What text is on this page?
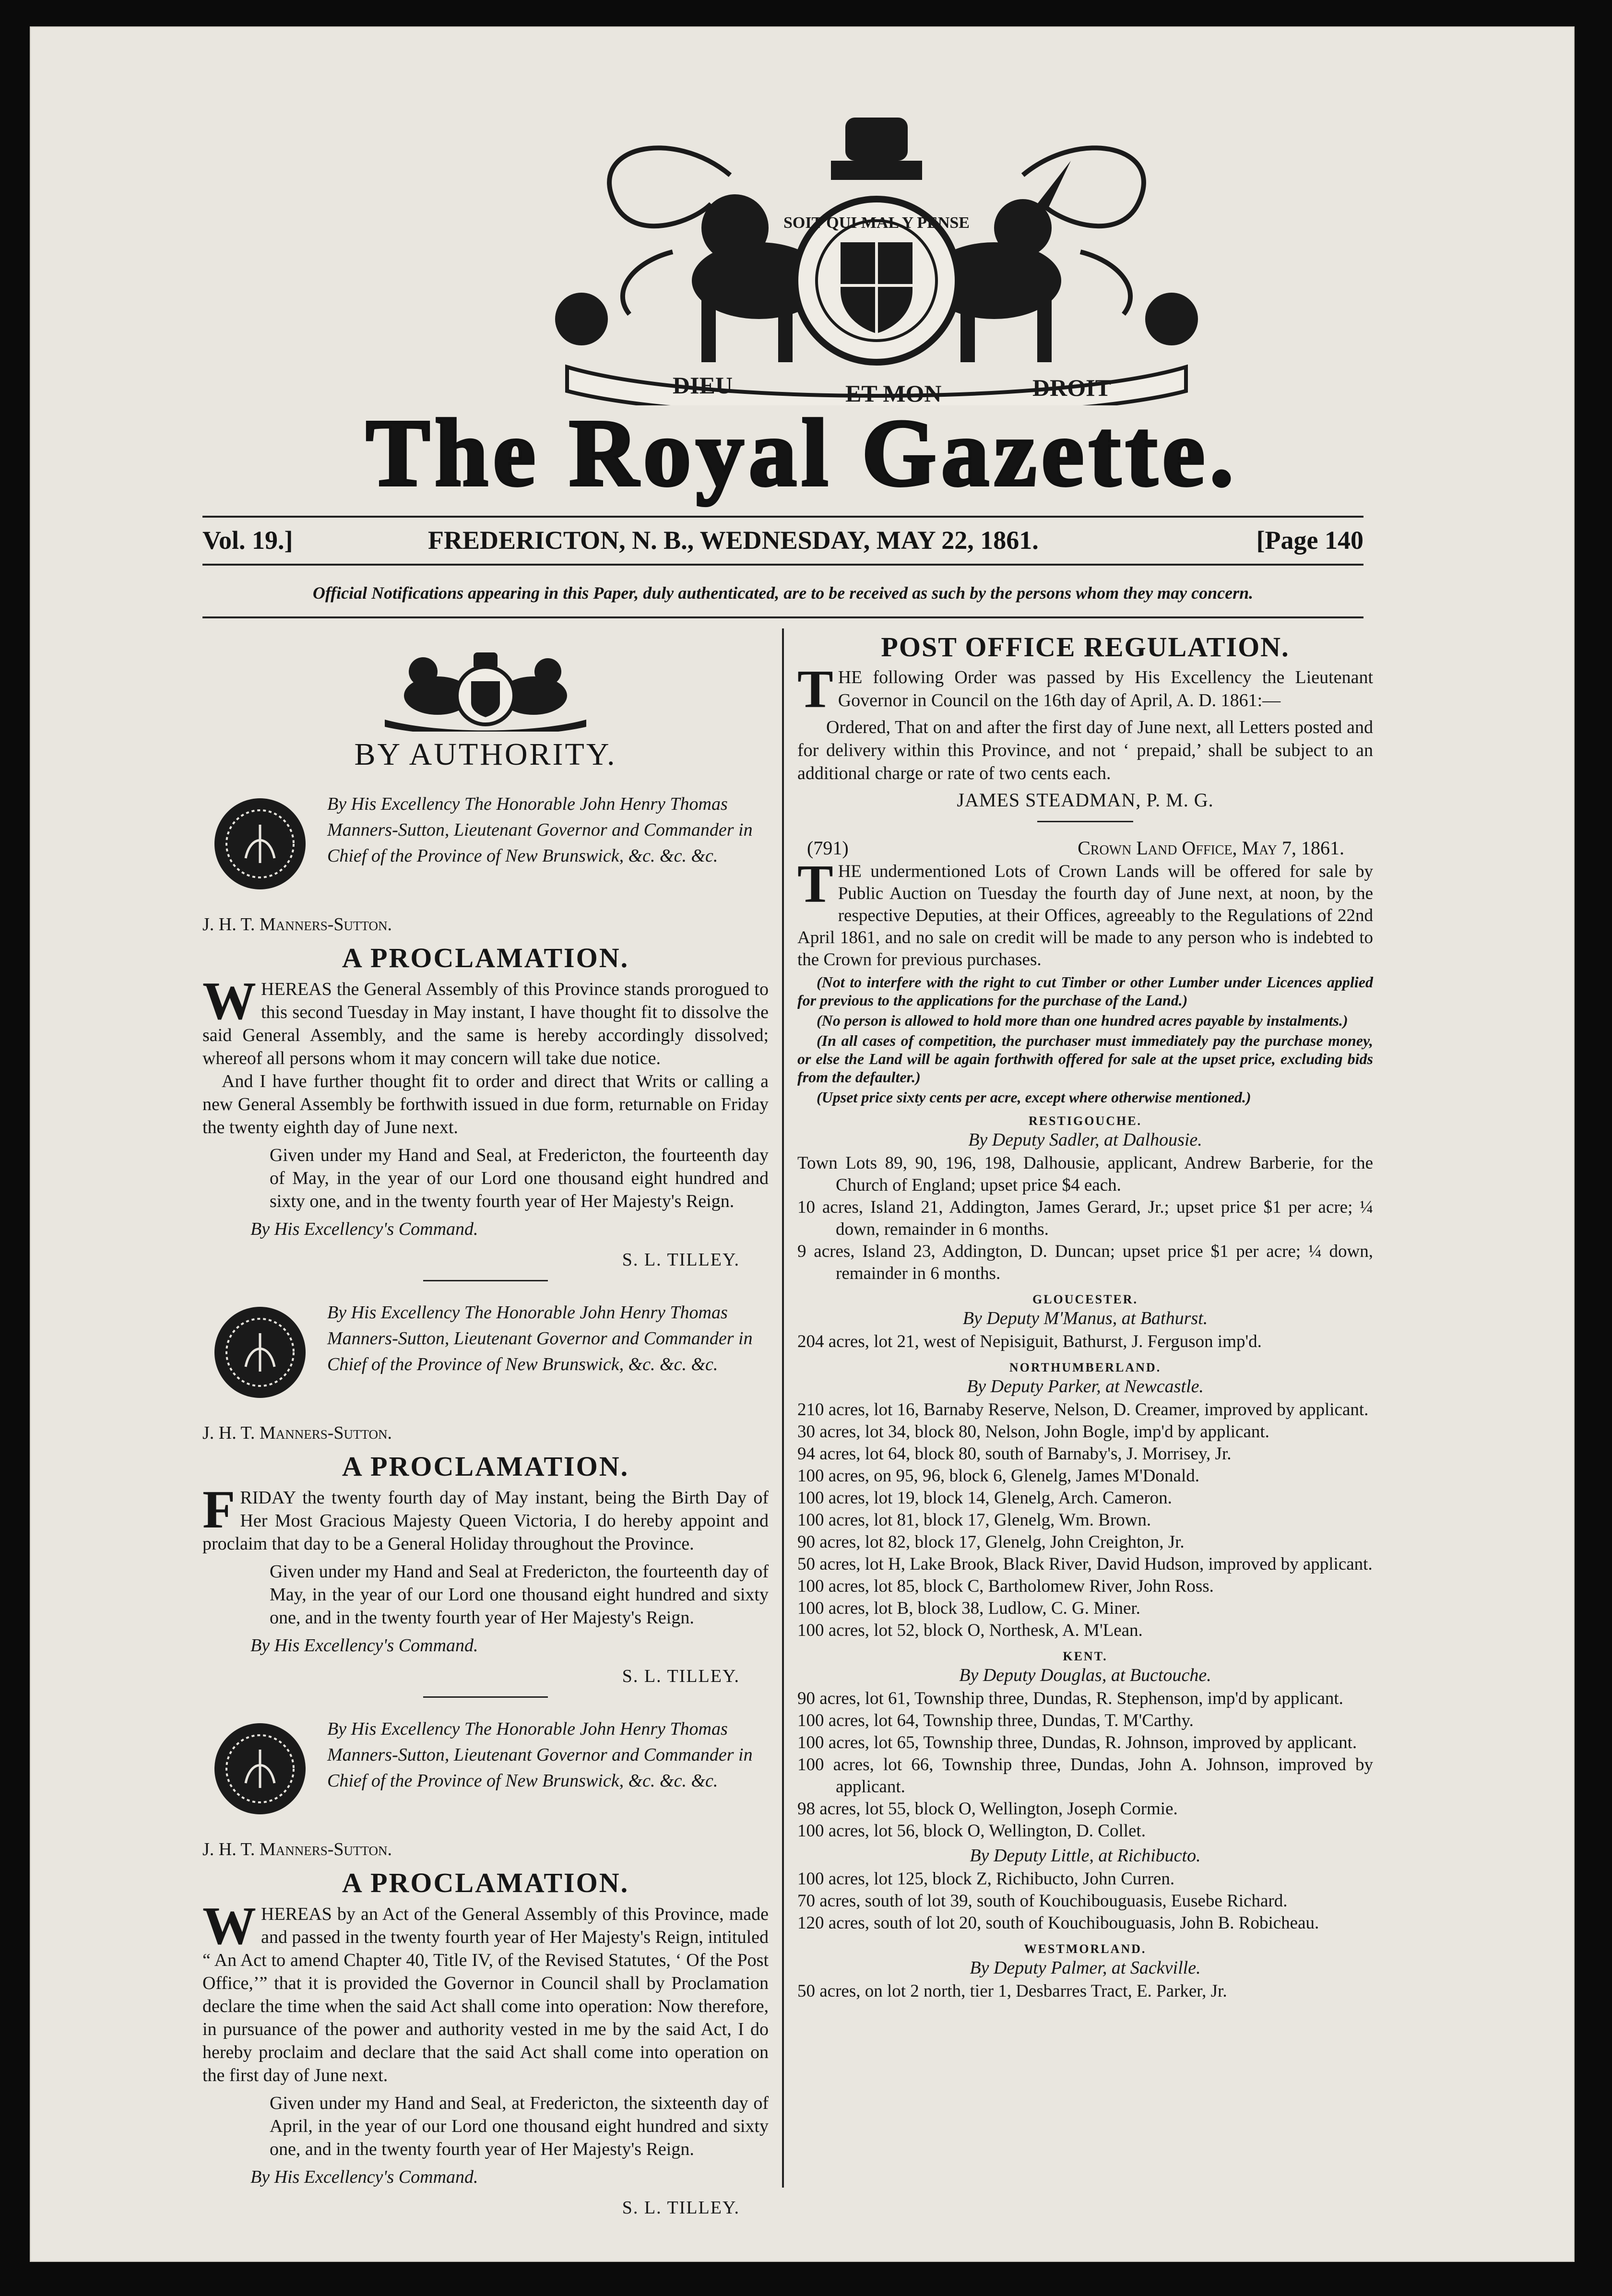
SOIT QUI MAL Y PENSE
DIEU	ET MON	DROIT
The Royal Gazette.
Vol. 19.]	FREDERICTON, N. B., WEDNESDAY, MAY 22, 1861.	[Page 140
Official Notifications appearing in this Paper, duly authenticated, are to be received as such by the persons whom they may concern.
BY AUTHORITY.

By His Excellency The Honorable John Henry Thomas Manners-Sutton, Lieutenant Governor and Commander in Chief of the Province of New Brunswick, &c. &c. &c.

J. H. T. Manners-Sutton.

A PROCLAMATION.

WHEREAS the General Assembly of this Province stands prorogued to this second Tuesday in May instant, I have thought fit to dissolve the said General Assembly, and the same is hereby accordingly dissolved; whereof all persons whom it may concern will take due notice.

And I have further thought fit to order and direct that Writs or calling a new General Assembly be forthwith issued in due form, returnable on Friday the twenty eighth day of June next.

Given under my Hand and Seal, at Fredericton, the fourteenth day of May, in the year of our Lord one thousand eight hundred and sixty one, and in the twenty fourth year of Her Majesty's Reign.

By His Excellency's Command.

S. L. TILLEY.

By His Excellency The Honorable John Henry Thomas Manners-Sutton, Lieutenant Governor and Commander in Chief of the Province of New Brunswick, &c. &c. &c.

J. H. T. Manners-Sutton.

A PROCLAMATION.

FRIDAY the twenty fourth day of May instant, being the Birth Day of Her Most Gracious Majesty Queen Victoria, I do hereby appoint and proclaim that day to be a General Holiday throughout the Province.

Given under my Hand and Seal at Fredericton, the fourteenth day of May, in the year of our Lord one thousand eight hundred and sixty one, and in the twenty fourth year of Her Majesty's Reign.

By His Excellency's Command.

S. L. TILLEY.

By His Excellency The Honorable John Henry Thomas Manners-Sutton, Lieutenant Governor and Commander in Chief of the Province of New Brunswick, &c. &c. &c.

J. H. T. Manners-Sutton.

A PROCLAMATION.

WHEREAS by an Act of the General Assembly of this Province, made and passed in the twenty fourth year of Her Majesty's Reign, intituled “ An Act to amend Chapter 40, Title IV, of the Revised Statutes, ‘ Of the Post Office,’” that it is provided the Governor in Council shall by Proclamation declare the time when the said Act shall come into operation: Now therefore, in pursuance of the power and authority vested in me by the said Act, I do hereby proclaim and declare that the said Act shall come into operation on the first day of June next.

Given under my Hand and Seal, at Fredericton, the sixteenth day of April, in the year of our Lord one thousand eight hundred and sixty one, and in the twenty fourth year of Her Majesty's Reign.

By His Excellency's Command.

S. L. TILLEY.

POST OFFICE REGULATION.

THE following Order was passed by His Excellency the Lieutenant Governor in Council on the 16th day of April, A. D. 1861:—

Ordered, That on and after the first day of June next, all Letters posted and for delivery within this Province, and not ‘ prepaid,’ shall be subject to an additional charge or rate of two cents each.

JAMES STEADMAN, P. M. G.

(791)	Crown Land Office, May 7, 1861.

THE undermentioned Lots of Crown Lands will be offered for sale by Public Auction on Tuesday the fourth day of June next, at noon, by the respective Deputies, at their Offices, agreeably to the Regulations of 22nd April 1861, and no sale on credit will be made to any person who is indebted to the Crown for previous purchases.

(Not to interfere with the right to cut Timber or other Lumber under Licences applied for previous to the applications for the purchase of the Land.)

(No person is allowed to hold more than one hundred acres payable by instalments.)

(In all cases of competition, the purchaser must immediately pay the purchase money, or else the Land will be again forthwith offered for sale at the upset price, excluding bids from the defaulter.)

(Upset price sixty cents per acre, except where otherwise mentioned.)

RESTIGOUCHE.
By Deputy Sadler, at Dalhousie.

Town Lots 89, 90, 196, 198, Dalhousie, applicant, Andrew Barberie, for the Church of England; upset price $4 each.

10 acres, Island 21, Addington, James Gerard, Jr.; upset price $1 per acre; ¼ down, remainder in 6 months.

9 acres, Island 23, Addington, D. Duncan; upset price $1 per acre; ¼ down, remainder in 6 months.

GLOUCESTER.
By Deputy M'Manus, at Bathurst.

204 acres, lot 21, west of Nepisiguit, Bathurst, J. Ferguson imp'd.

NORTHUMBERLAND.
By Deputy Parker, at Newcastle.

210 acres, lot 16, Barnaby Reserve, Nelson, D. Creamer, improved by applicant.

30 acres, lot 34, block 80, Nelson, John Bogle, imp'd by applicant.

94 acres, lot 64, block 80, south of Barnaby's, J. Morrisey, Jr.

100 acres, on 95, 96, block 6, Glenelg, James M'Donald.

100 acres, lot 19, block 14, Glenelg, Arch. Cameron.

100 acres, lot 81, block 17, Glenelg, Wm. Brown.

90 acres, lot 82, block 17, Glenelg, John Creighton, Jr.

50 acres, lot H, Lake Brook, Black River, David Hudson, improved by applicant.

100 acres, lot 85, block C, Bartholomew River, John Ross.

100 acres, lot B, block 38, Ludlow, C. G. Miner.

100 acres, lot 52, block O, Northesk, A. M'Lean.

KENT.
By Deputy Douglas, at Buctouche.

90 acres, lot 61, Township three, Dundas, R. Stephenson, imp'd by applicant.

100 acres, lot 64, Township three, Dundas, T. M'Carthy.

100 acres, lot 65, Township three, Dundas, R. Johnson, improved by applicant.

100 acres, lot 66, Township three, Dundas, John A. Johnson, improved by applicant.

98 acres, lot 55, block O, Wellington, Joseph Cormie.

100 acres, lot 56, block O, Wellington, D. Collet.

By Deputy Little, at Richibucto.

100 acres, lot 125, block Z, Richibucto, John Curren.

70 acres, south of lot 39, south of Kouchibouguasis, Eusebe Richard.

120 acres, south of lot 20, south of Kouchibouguasis, John B. Robicheau.

WESTMORLAND.
By Deputy Palmer, at Sackville.

50 acres, on lot 2 north, tier 1, Desbarres Tract, E. Parker, Jr.
